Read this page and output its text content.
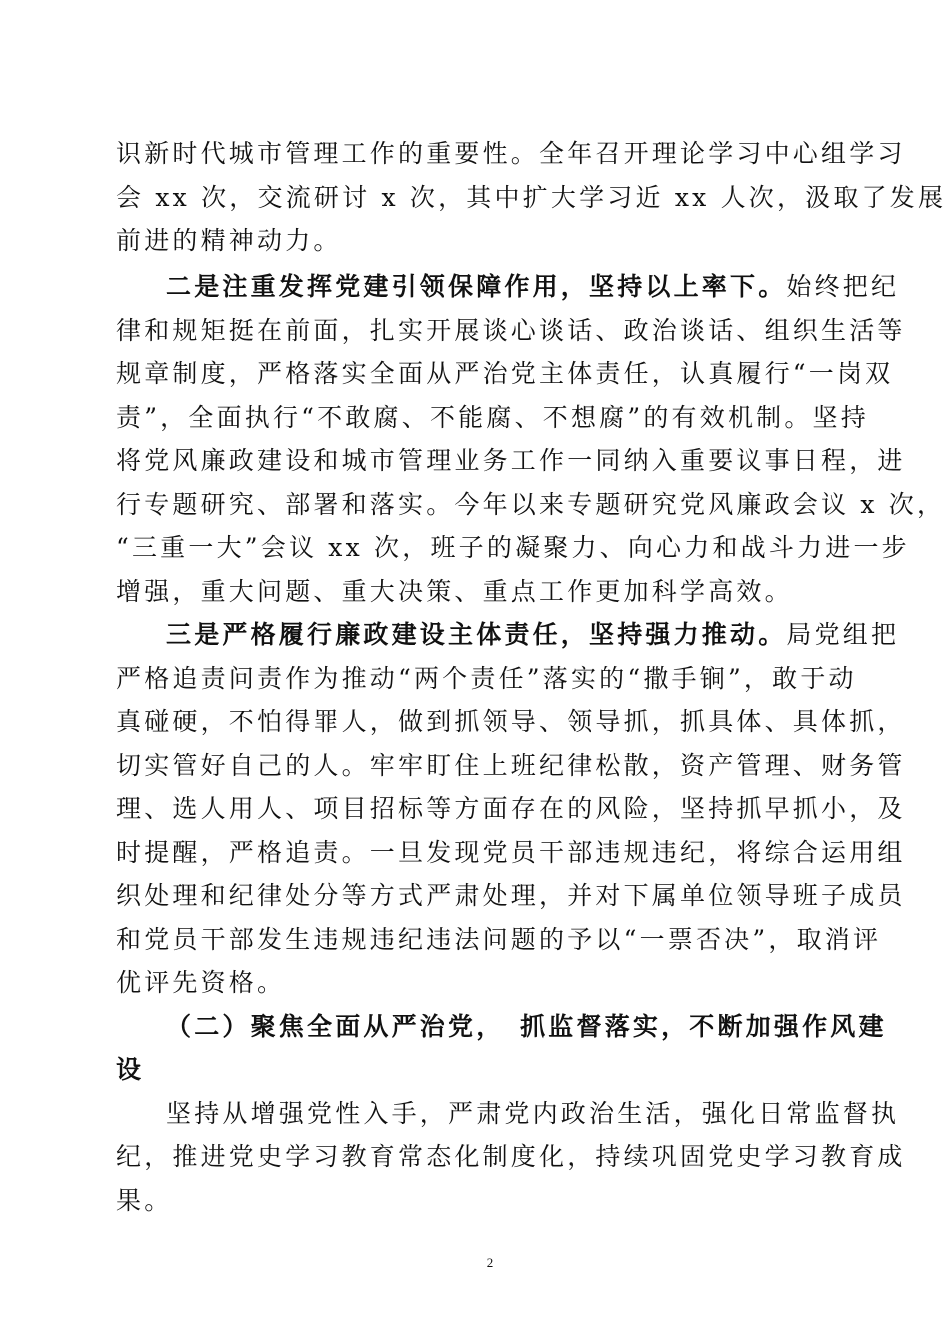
识新时代城市管理工作的重要性。全年召开理论学习中心组学习
会 xx 次，交流研讨 x 次，其中扩大学习近 xx 人次，汲取了发展
前进的精神动力。
二是注重发挥党建引领保障作用，坚持以上率下。始终把纪
律和规矩挺在前面，扎实开展谈心谈话、政治谈话、组织生活等
规章制度，严格落实全面从严治党主体责任，认真履行“一岗双
责”，全面执行“不敢腐、不能腐、不想腐”的有效机制。坚持
将党风廉政建设和城市管理业务工作一同纳入重要议事日程，进
行专题研究、部署和落实。今年以来专题研究党风廉政会议 x 次，
“三重一大”会议 xx 次，班子的凝聚力、向心力和战斗力进一步
增强，重大问题、重大决策、重点工作更加科学高效。
三是严格履行廉政建设主体责任，坚持强力推动。局党组把
严格追责问责作为推动“两个责任”落实的“撒手锏”，敢于动
真碰硬，不怕得罪人，做到抓领导、领导抓，抓具体、具体抓，
切实管好自己的人。牢牢盯住上班纪律松散，资产管理、财务管
理、选人用人、项目招标等方面存在的风险，坚持抓早抓小，及
时提醒，严格追责。一旦发现党员干部违规违纪，将综合运用组
织处理和纪律处分等方式严肃处理，并对下属单位领导班子成员
和党员干部发生违规违纪违法问题的予以“一票否决”，取消评
优评先资格。
（二）聚焦全面从严治党，　抓监督落实，不断加强作风建
设
坚持从增强党性入手，严肃党内政治生活，强化日常监督执
纪，推进党史学习教育常态化制度化，持续巩固党史学习教育成
果。
2
